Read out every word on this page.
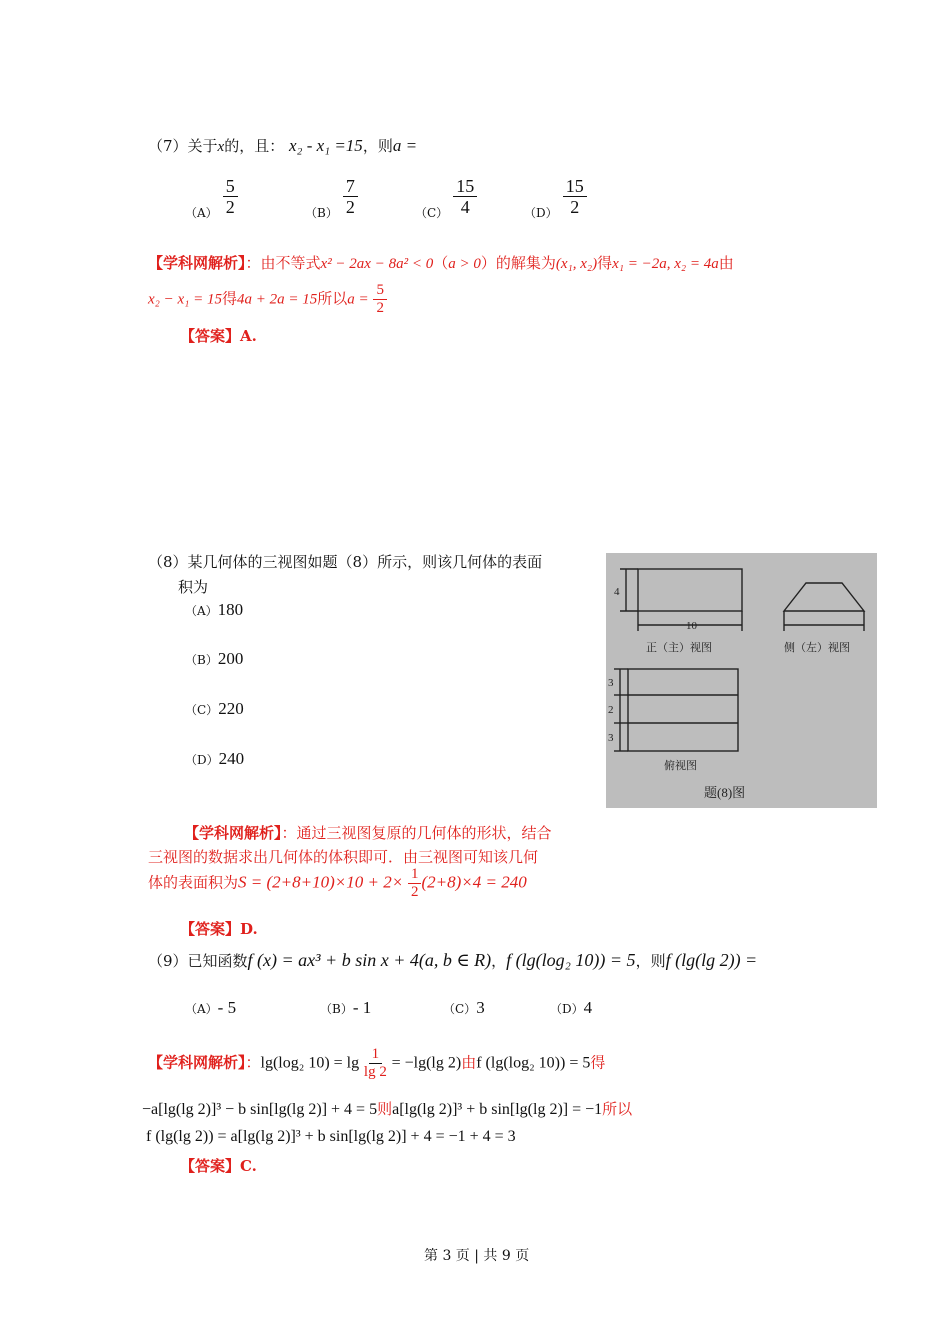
（7）关于x的，且： x₂ - x₁ =15，则a =
$_{(A)} \frac{5}{2}$	$_{(B)} \frac{7}{2}$	$_{(C)} \frac{15}{4}$	$_{(D)} \frac{15}{2}$
【学科网解析】：由不等式x² − 2ax − 8a² < 0（a > 0）的解集为(x₁, x₂)得x₁ = −2a, x₂ = 4a由
x₂ − x₁ = 15得4a + 2a = 15所以$a = \frac{5}{2}$
【答案】A.
（8）某几何体的三视图如题（8）所示，则该几何体的表面
积为
（A）180
（B）200
（C）220
（D）240
4
10
正（主）视图	侧（左）视图
3
2
3
俯视图
题(8)图
【学科网解析】：通过三视图复原的几何体的形状，结合
三视图的数据求出几何体的体积即可．由三视图可知该几何
体的表面积为$S = (2+8+10)\times 10 + 2\times \frac{1}{2} (2+8)\times 4 = 240$
【答案】D.
（9）已知函数f (x) = ax³ + b sin x + 4(a, b ∈ R)，f (lg(log₂ 10)) = 5，则f (lg(lg 2)) =
（A）- 5	（B）- 1	（C）3	（D）4
【学科网解析】：lg(log₂ $10) = \lg \frac{1}{\lg 2} = -\lg(\lg$ 2)由f (lg(log₂ 10)) = 5得
−a[lg(lg 2)]³ − b sin[lg(lg 2)] + 4 = 5则a[lg(lg 2)]³ + b sin[lg(lg 2)] = −1所以
f (lg(lg 2)) = a[lg(lg 2)]³ + b sin[lg(lg 2)] + 4 = −1 + 4 = 3
【答案】C.
第 3 页 | 共 9 页
